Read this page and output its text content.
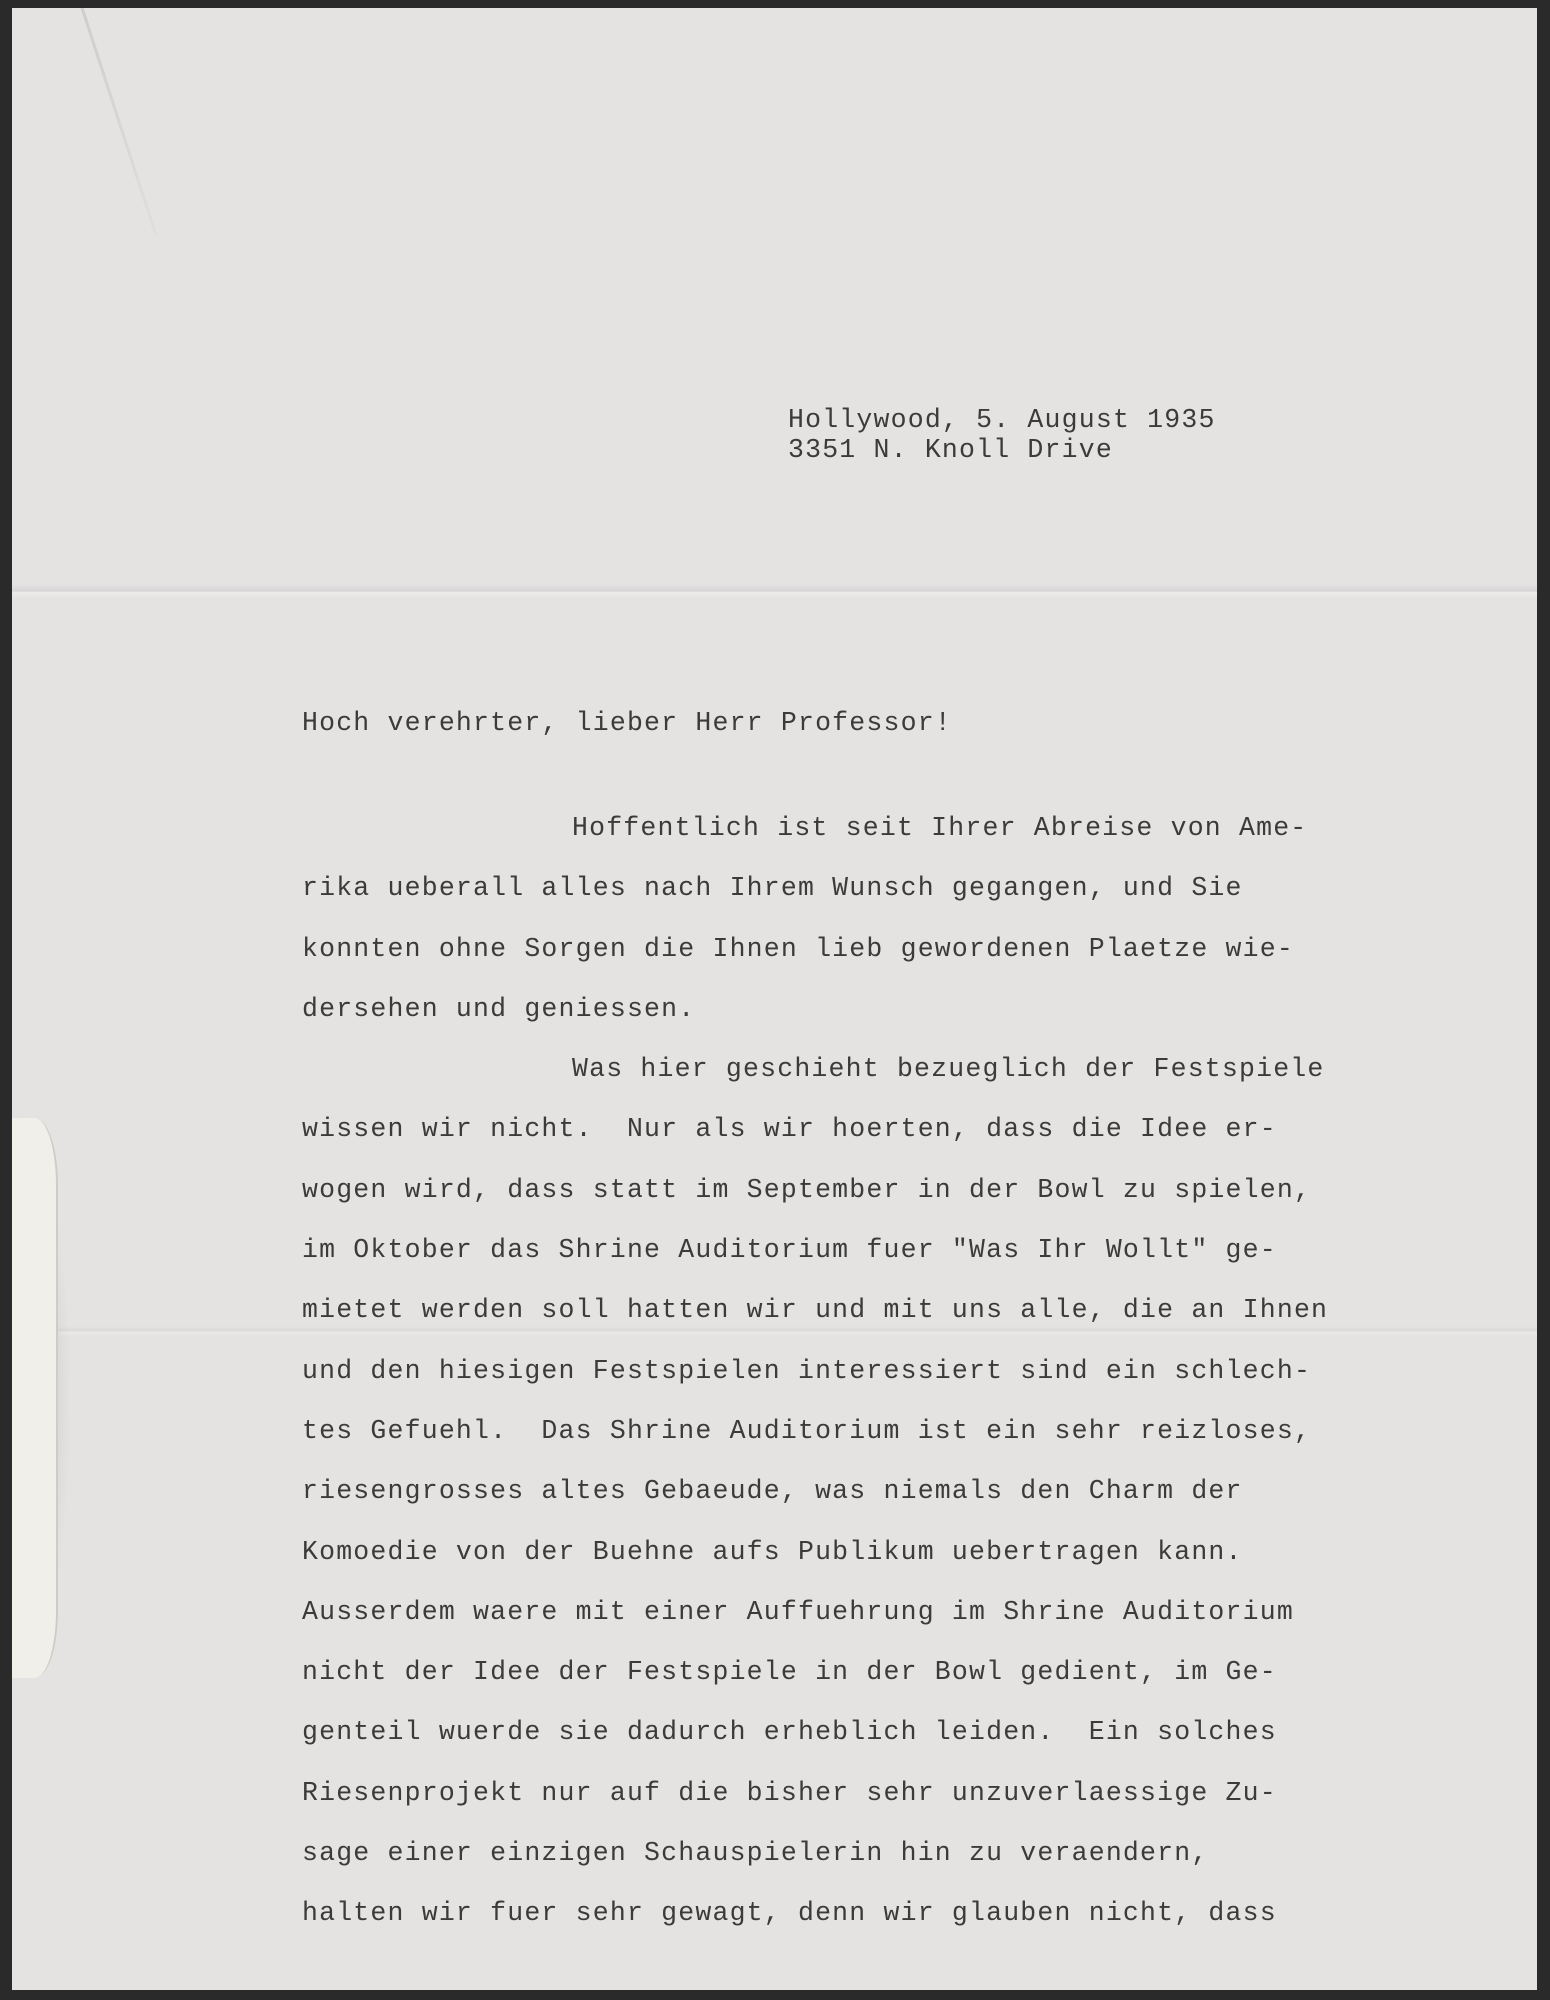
Hollywood, 5. August 1935
3351 N. Knoll Drive
Hoch verehrter, lieber Herr Professor!
Hoffentlich ist seit Ihrer Abreise von Ame-
rika ueberall alles nach Ihrem Wunsch gegangen, und Sie
konnten ohne Sorgen die Ihnen lieb gewordenen Plaetze wie-
dersehen und geniessen.
Was hier geschieht bezueglich der Festspiele
wissen wir nicht.  Nur als wir hoerten, dass die Idee er-
wogen wird, dass statt im September in der Bowl zu spielen,
im Oktober das Shrine Auditorium fuer "Was Ihr Wollt" ge-
mietet werden soll hatten wir und mit uns alle, die an Ihnen
und den hiesigen Festspielen interessiert sind ein schlech-
tes Gefuehl.  Das Shrine Auditorium ist ein sehr reizloses,
riesengrosses altes Gebaeude, was niemals den Charm der
Komoedie von der Buehne aufs Publikum uebertragen kann.
Ausserdem waere mit einer Auffuehrung im Shrine Auditorium
nicht der Idee der Festspiele in der Bowl gedient, im Ge-
genteil wuerde sie dadurch erheblich leiden.  Ein solches
Riesenprojekt nur auf die bisher sehr unzuverlaessige Zu-
sage einer einzigen Schauspielerin hin zu veraendern,
halten wir fuer sehr gewagt, denn wir glauben nicht, dass
